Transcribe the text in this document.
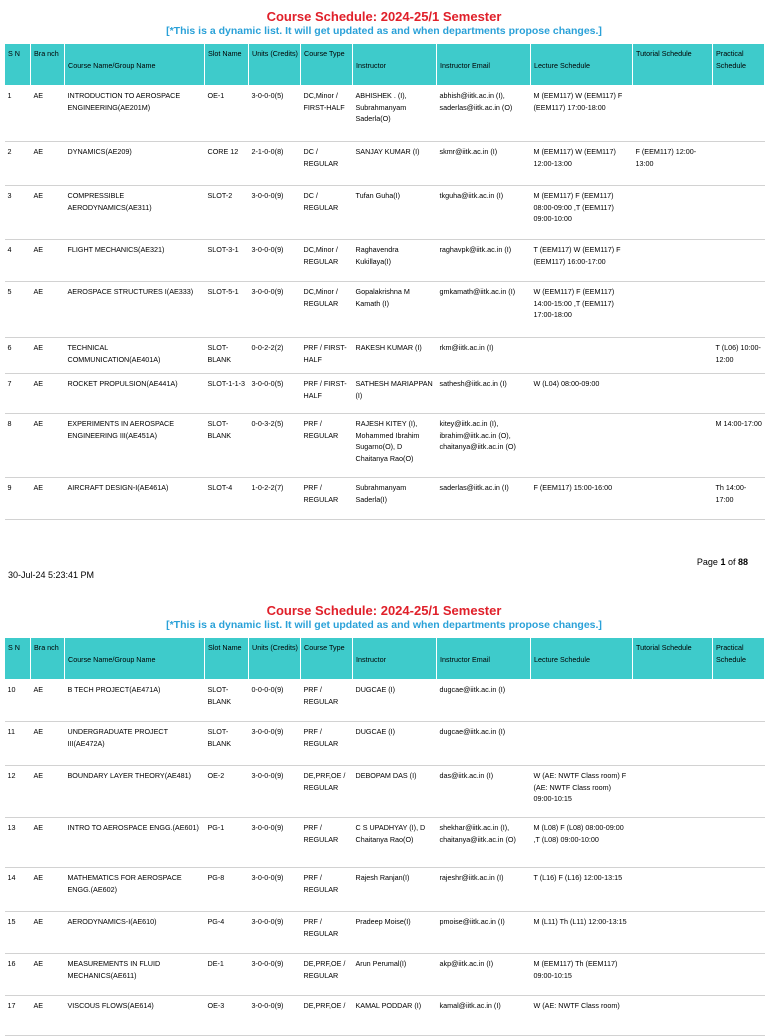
Course Schedule: 2024-25/1 Semester
[*This is a dynamic list. It will get updated as and when departments propose changes.]
S N	Bra nch	Course Name/Group Name	Slot Name	Units (Credits)	Course Type	Instructor	Instructor Email	Lecture Schedule	Tutorial Schedule	Practical Schedule
1	AE	INTRODUCTION TO AEROSPACE ENGINEERING(AE201M)	OE-1	3-0-0-0(5)	DC,Minor / FIRST-HALF	ABHISHEK . (I), Subrahmanyam Saderla(O)	abhish@iitk.ac.in (I), saderlas@iitk.ac.in (O)	M (EEM117) W (EEM117) F (EEM117) 17:00-18:00		
2	AE	DYNAMICS(AE209)	CORE 12	2-1-0-0(8)	DC / REGULAR	SANJAY KUMAR (I)	skmr@iitk.ac.in (I)	M (EEM117) W (EEM117) 12:00-13:00	F (EEM117) 12:00-13:00	
3	AE	COMPRESSIBLE AERODYNAMICS(AE311)	SLOT-2	3-0-0-0(9)	DC / REGULAR	Tufan Guha(I)	tkguha@iitk.ac.in (I)	M (EEM117) F (EEM117) 08:00-09:00 ,T (EEM117) 09:00-10:00		
4	AE	FLIGHT MECHANICS(AE321)	SLOT-3-1	3-0-0-0(9)	DC,Minor / REGULAR	Raghavendra Kukillaya(I)	raghavpk@iitk.ac.in (I)	T (EEM117) W (EEM117) F (EEM117) 16:00-17:00		
5	AE	AEROSPACE STRUCTURES I(AE333)	SLOT-5-1	3-0-0-0(9)	DC,Minor / REGULAR	Gopalakrishna M Kamath (I)	gmkamath@iitk.ac.in (I)	W (EEM117) F (EEM117) 14:00-15:00 ,T (EEM117) 17:00-18:00		
6	AE	TECHNICAL COMMUNICATION(AE401A)	SLOT-BLANK	0-0-2-2(2)	PRF / FIRST-HALF	RAKESH KUMAR (I)	rkm@iitk.ac.in (I)			T (L06) 10:00-12:00
7	AE	ROCKET PROPULSION(AE441A)	SLOT-1-1-3	3-0-0-0(5)	PRF / FIRST-HALF	SATHESH MARIAPPAN (I)	sathesh@iitk.ac.in (I)	W (L04) 08:00-09:00		
8	AE	EXPERIMENTS IN AEROSPACE ENGINEERING III(AE451A)	SLOT-BLANK	0-0-3-2(5)	PRF / REGULAR	RAJESH KITEY (I), Mohammed Ibrahim Sugarno(O), D Chaitanya Rao(O)	kitey@iitk.ac.in (I), ibrahim@iitk.ac.in (O), chaitanya@iitk.ac.in (O)			M 14:00-17:00
9	AE	AIRCRAFT DESIGN-I(AE461A)	SLOT-4	1-0-2-2(7)	PRF / REGULAR	Subrahmanyam Saderla(I)	saderlas@iitk.ac.in (I)	F (EEM117) 15:00-16:00		Th 14:00-17:00
Page 1 of 88
30-Jul-24 5:23:41 PM
Course Schedule: 2024-25/1 Semester
[*This is a dynamic list. It will get updated as and when departments propose changes.]
S N	Bra nch	Course Name/Group Name	Slot Name	Units (Credits)	Course Type	Instructor	Instructor Email	Lecture Schedule	Tutorial Schedule	Practical Schedule
10	AE	B TECH PROJECT(AE471A)	SLOT-BLANK	0-0-0-0(9)	PRF / REGULAR	DUGCAE (I)	dugcae@iitk.ac.in (I)			
11	AE	UNDERGRADUATE PROJECT III(AE472A)	SLOT-BLANK	3-0-0-0(9)	PRF / REGULAR	DUGCAE (I)	dugcae@iitk.ac.in (I)			
12	AE	BOUNDARY LAYER THEORY(AE481)	OE-2	3-0-0-0(9)	DE,PRF,OE / REGULAR	DEBOPAM DAS (I)	das@iitk.ac.in (I)	W (AE: NWTF Class room) F (AE: NWTF Class room) 09:00-10:15		
13	AE	INTRO TO AEROSPACE ENGG.(AE601)	PG-1	3-0-0-0(9)	PRF / REGULAR	C S UPADHYAY (I), D Chaitanya Rao(O)	shekhar@iitk.ac.in (I), chaitanya@iitk.ac.in (O)	M (L08) F (L08) 08:00-09:00 ,T (L08) 09:00-10:00		
14	AE	MATHEMATICS FOR AEROSPACE ENGG.(AE602)	PG-8	3-0-0-0(9)	PRF / REGULAR	Rajesh Ranjan(I)	rajeshr@iitk.ac.in (I)	T (L16) F (L16) 12:00-13:15		
15	AE	AERODYNAMICS-I(AE610)	PG-4	3-0-0-0(9)	PRF / REGULAR	Pradeep Moise(I)	pmoise@iitk.ac.in (I)	M (L11) Th (L11) 12:00-13:15		
16	AE	MEASUREMENTS IN FLUID MECHANICS(AE611)	DE-1	3-0-0-0(9)	DE,PRF,OE / REGULAR	Arun Perumal(I)	akp@iitk.ac.in (I)	M (EEM117) Th (EEM117) 09:00-10:15		
17	AE	VISCOUS FLOWS(AE614)	OE-3	3-0-0-0(9)	DE,PRF,OE /	KAMAL PODDAR (I)	kamal@iitk.ac.in (I)	W (AE: NWTF Class room)		
